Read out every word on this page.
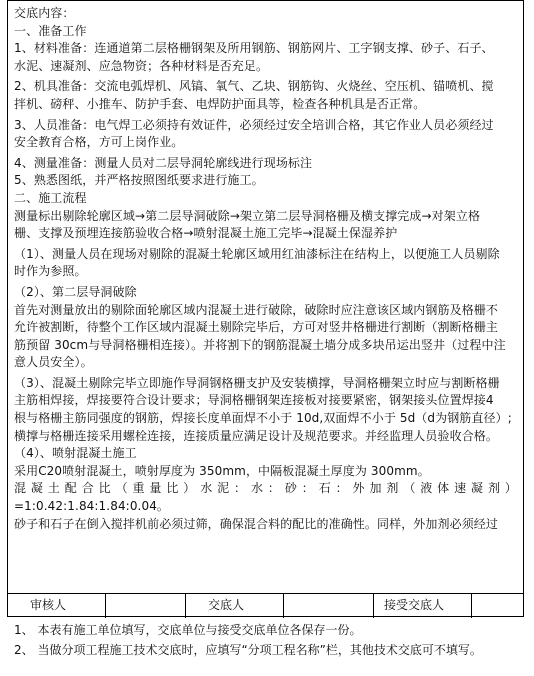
交底内容：

一、准备工作

1、材料准备：连通道第二层格栅钢架及所用钢筋、钢筋网片、工字钢支撑、砂子、石子、

水泥、速凝剂、应急物资；各种材料是否充足。

2、机具准备：交流电弧焊机、风镐、氧气、乙块、钢筋钩、火烧丝、空压机、锚喷机、搅

拌机、磅秤、小推车、防护手套、电焊防护面具等，检查各种机具是否正常。

3、人员准备：电气焊工必须持有效证件，必须经过安全培训合格，其它作业人员必须经过

安全教育合格，方可上岗作业。

4、测量准备：测量人员对二层导洞轮廓线进行现场标注

5、熟悉图纸，并严格按照图纸要求进行施工。

二、施工流程

测量标出剔除轮廓区域→第二层导洞破除→架立第二层导洞格栅及横支撑完成→对架立格

栅、支撑及预埋连接筋验收合格→喷射混凝土施工完毕→混凝土保湿养护

（1）、测量人员在现场对剔除的混凝土轮廓区域用红油漆标注在结构上，以便施工人员剔除

时作为参照。

（2）、第二层导洞破除

首先对测量放出的剔除面轮廓区域内混凝土进行破除，破除时应注意该区域内钢筋及格栅不

允许被割断，待整个工作区域内混凝土剔除完毕后，方可对竖井格栅进行割断（割断格栅主

筋预留 30cm与导洞格栅相连接）。并将割下的钢筋混凝土墙分成多块吊运出竖井（过程中注

意人员安全）。

（3）、混凝土剔除完毕立即施作导洞钢格栅支护及安装横撑，导洞格栅架立时应与割断格栅

主筋相焊接，焊接要符合设计要求；导洞格栅钢架连接板对接要紧密，钢架接头位置焊接4

根与格栅主筋同强度的钢筋，焊接长度单面焊不小于 10d,双面焊不小于 5d（d为钢筋直径）;

横撑与格栅连接采用螺栓连接，连接质量应满足设计及规范要求。并经监理人员验收合格。

（4）、喷射混凝土施工

采用C20喷射混凝土，喷射厚度为 350mm，中隔板混凝土厚度为 300mm。

混凝土配合比（重量比）水泥：水：砂：石：外加剂（液体速凝剂）=1:0.42:1.84:1.84:0.04。

砂子和石子在倒入搅拌机前必须过筛，确保混合料的配比的准确性。同样，外加剂必须经过

审核人	交底人	接受交底人

1、 本表有施工单位填写，交底单位与接受交底单位各保存一份。

2、 当做分项工程施工技术交底时，应填写“分项工程名称”栏，其他技术交底可不填写。
